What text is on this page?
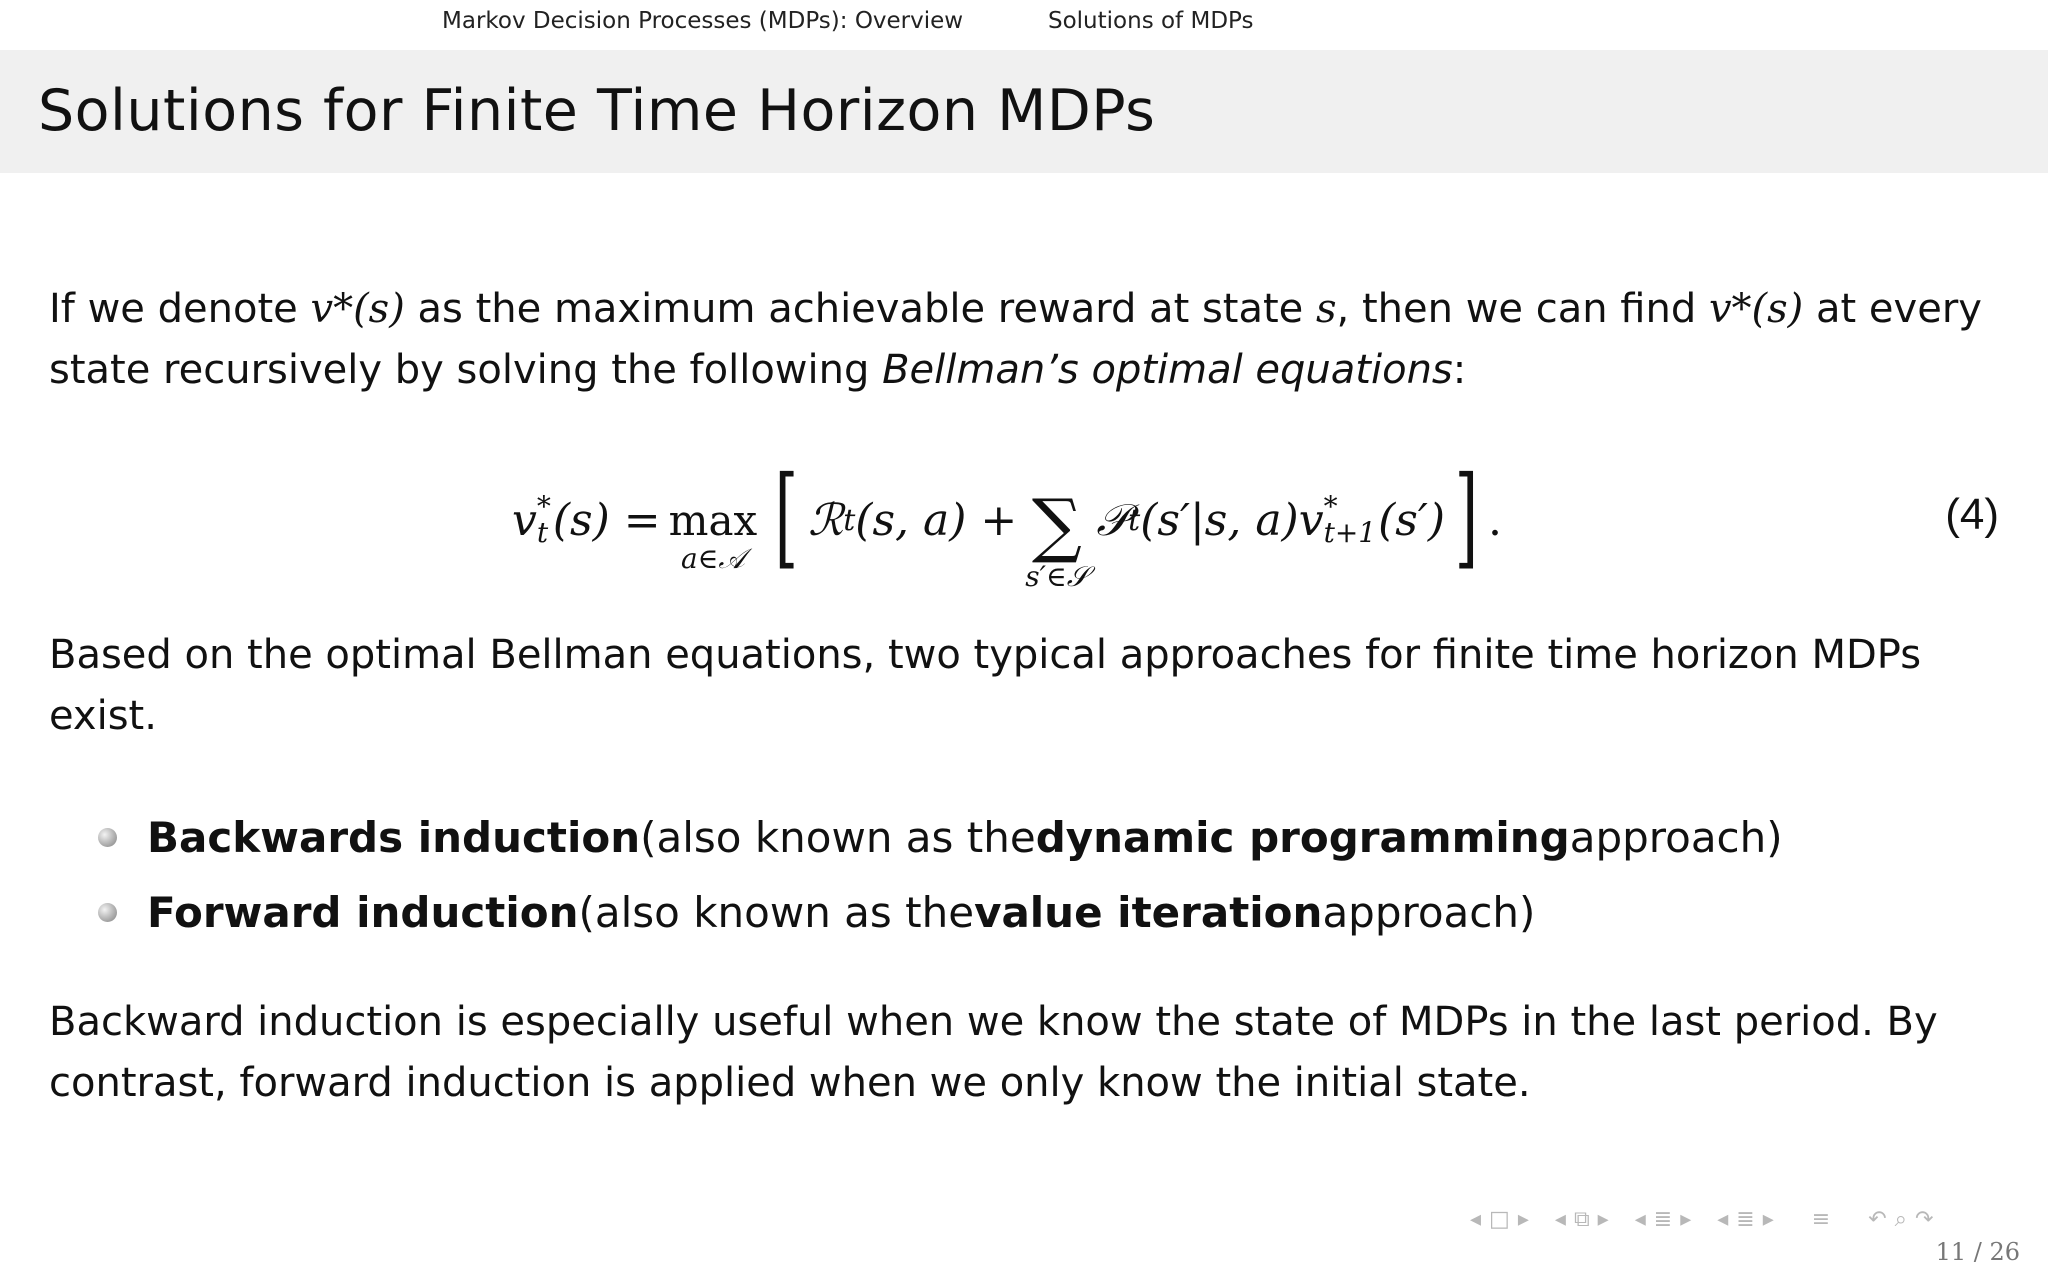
Markov Decision Processes (MDPs): Overview	Solutions of MDPs
Solutions for Finite Time Horizon MDPs
If we denote v*(s) as the maximum achievable reward at state s, then we can find v*(s) at every state recursively by solving the following Bellman’s optimal equations:
v *
t (s) = max
a∈𝒜 [ ℛ t (s, a) + ∑
s′∈𝒮
𝒫 t (s′|s, a)v *
t+1 (s′) ] .	(4)
Based on the optimal Bellman equations, two typical approaches for finite time horizon MDPs exist.
Backwards induction (also known as the dynamic programming approach)
Forward induction (also known as the value iteration approach)
Backward induction is especially useful when we know the state of MDPs in the last period. By contrast, forward induction is applied when we only know the initial state.
◂ □ ▸ ◂ ⧉ ▸ ◂ ≣ ▸ ◂ ≣ ▸ ≡ ↶ ⌕ ↷
11 / 26
